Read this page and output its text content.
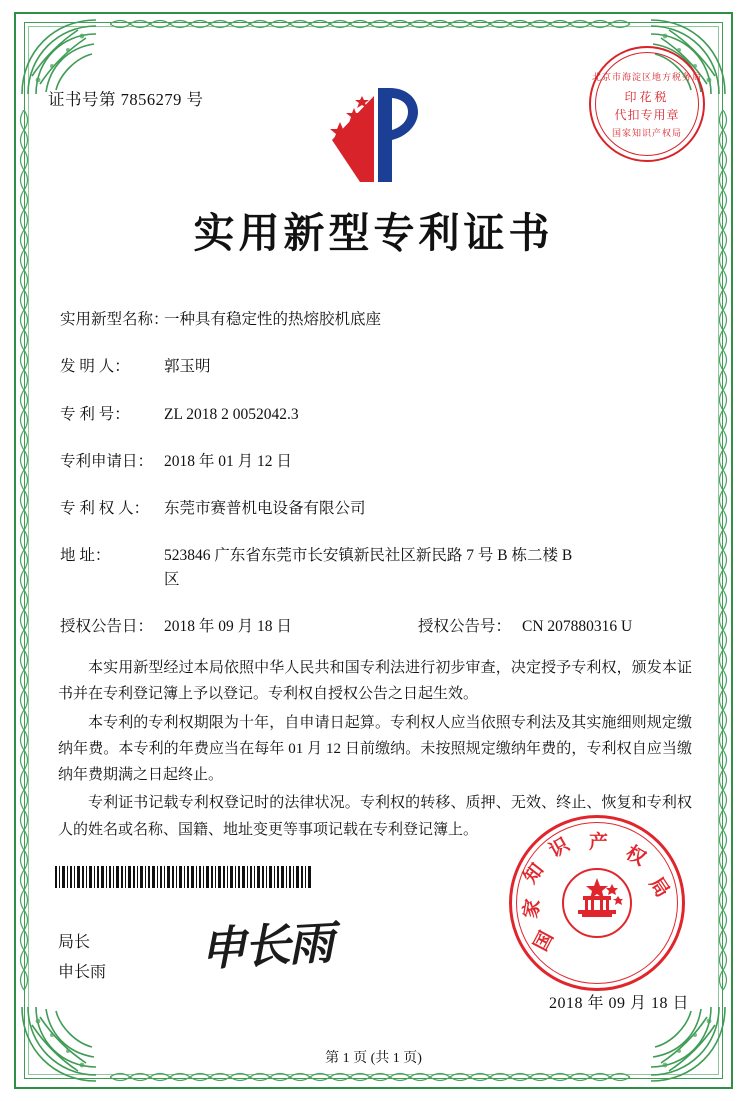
证书号第 7856279 号
北京市海淀区地方税务局
印花税
代扣专用章
国家知识产权局
实用新型专利证书
实用新型名称：
一种具有稳定性的热熔胶机底座
发 明 人：	郭玉明
专 利 号：	ZL 2018 2 0052042.3
专利申请日： 2018 年 01 月 12 日
专 利 权 人： 东莞市赛普机电设备有限公司
地 址：	523846 广东省东莞市长安镇新民社区新民路 7 号 B 栋二楼 B
区
授权公告日： 2018 年 09 月 18 日	授权公告号： CN 207880316 U

本实用新型经过本局依照中华人民共和国专利法进行初步审查，决定授予专利权，颁发本证书并在专利登记簿上予以登记。专利权自授权公告之日起生效。

本专利的专利权期限为十年，自申请日起算。专利权人应当依照专利法及其实施细则规定缴纳年费。本专利的年费应当在每年 01 月 12 日前缴纳。未按照规定缴纳年费的，专利权自应当缴纳年费期满之日起终止。

专利证书记载专利权登记时的法律状况。专利权的转移、质押、无效、终止、恢复和专利权人的姓名或名称、国籍、地址变更等事项记载在专利登记簿上。

局长
申长雨 申长雨	国
家
知
识 产 权
局
2018 年 09 月 18 日
第 1 页 (共 1 页)
